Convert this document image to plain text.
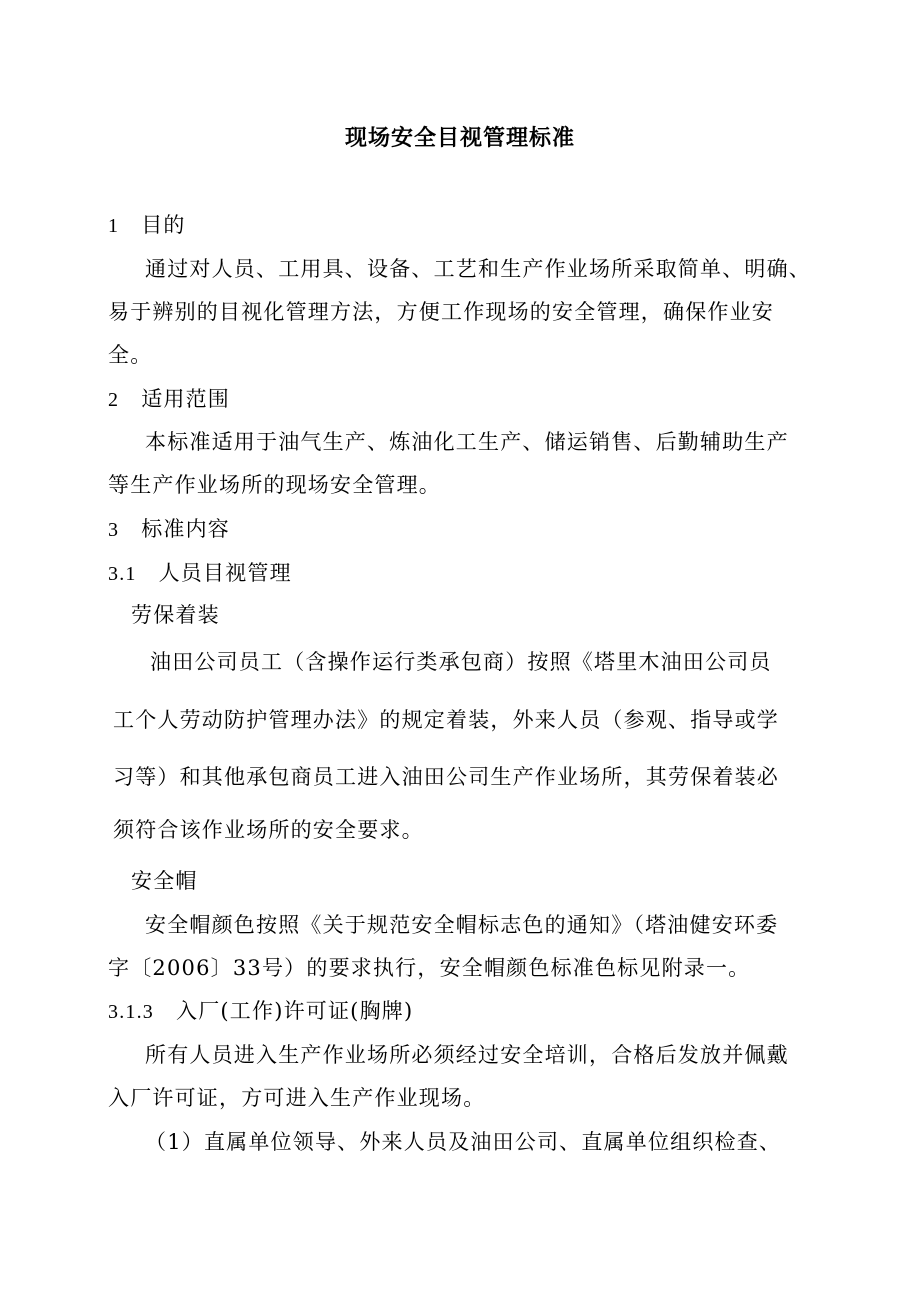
现场安全目视管理标准
1 目的
通过对人员、工用具、设备、工艺和生产作业场所采取简单、明确、
易于辨别的目视化管理方法，方便工作现场的安全管理，确保作业安
全。
2 适用范围
本标准适用于油气生产、炼油化工生产、储运销售、后勤辅助生产
等生产作业场所的现场安全管理。
3 标准内容
3.1 人员目视管理
劳保着装
油田公司员工（含操作运行类承包商）按照《塔里木油田公司员
工个人劳动防护管理办法》的规定着装，外来人员（参观、指导或学
习等）和其他承包商员工进入油田公司生产作业场所，其劳保着装必
须符合该作业场所的安全要求。
安全帽
安全帽颜色按照《关于规范安全帽标志色的通知》（塔油健安环委
字〔2006〕33号）的要求执行，安全帽颜色标准色标见附录一。
3.1.3 入厂(工作)许可证(胸牌)
所有人员进入生产作业场所必须经过安全培训，合格后发放并佩戴
入厂许可证，方可进入生产作业现场。
（1）直属单位领导、外来人员及油田公司、直属单位组织检查、
